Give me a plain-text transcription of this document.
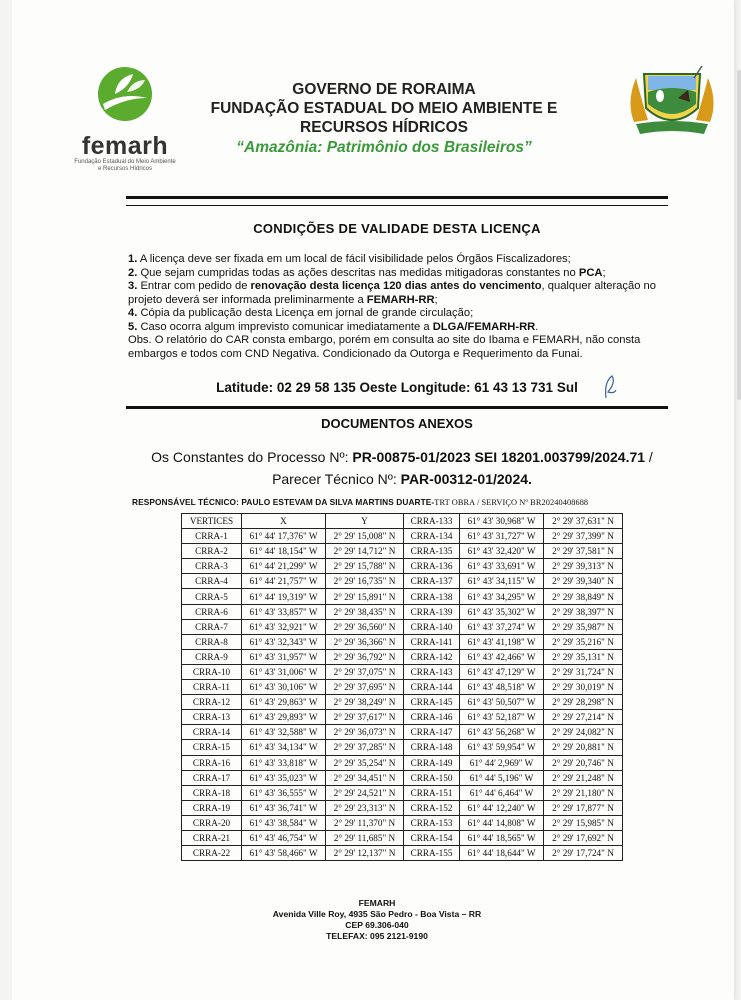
femarh
Fundação Estadual do Meio Ambiente
e Recursos Hídricos
GOVERNO DE RORAIMA
FUNDAÇÃO ESTADUAL DO MEIO AMBIENTE E
RECURSOS HÍDRICOS
“Amazônia: Patrimônio dos Brasileiros”
CONDIÇÕES DE VALIDADE DESTA LICENÇA

1. A licença deve ser fixada em um local de fácil visibilidade pelos Órgãos Fiscalizadores;

2. Que sejam cumpridas todas as ações descritas nas medidas mitigadoras constantes no PCA;

3. Entrar com pedido de renovação desta licença 120 dias antes do vencimento, qualquer alteração no projeto deverá ser informada preliminarmente a FEMARH-RR;

4. Cópia da publicação desta Licença em jornal de grande circulação;

5. Caso ocorra algum imprevisto comunicar imediatamente a DLGA/FEMARH-RR.

Obs. O relatório do CAR consta embargo, porém em consulta ao site do Ibama e FEMARH, não consta embargos e todos com CND Negativa. Condicionado da Outorga e Requerimento da Funai.

Latitude: 02 29 58 135 Oeste Longitude: 61 43 13 731 Sul
DOCUMENTOS ANEXOS
Os Constantes do Processo Nº: PR-00875-01/2023 SEI 18201.003799/2024.71 /
Parecer Técnico Nº: PAR-00312-01/2024.
RESPONSÁVEL TÉCNICO: PAULO ESTEVAM DA SILVA MARTINS DUARTE-TRT OBRA / SERVIÇO Nº BR20240408688
VERTICES	X	Y	CRRA-133	61° 43' 30,968" W	2° 29' 37,631" N
CRRA-1	61° 44' 17,376" W	2° 29' 15,008" N	CRRA-134	61° 43' 31,727" W	2° 29' 37,399" N
CRRA-2	61° 44' 18,154" W	2° 29' 14,712" N	CRRA-135	61° 43' 32,420" W	2° 29' 37,581" N
CRRA-3	61° 44' 21,299" W	2° 29' 15,788" N	CRRA-136	61° 43' 33,691" W	2° 29' 39,313" N
CRRA-4	61° 44' 21,757" W	2° 29' 16,735" N	CRRA-137	61° 43' 34,115" W	2° 29' 39,340" N
CRRA-5	61° 44' 19,319" W	2° 29' 15,891" N	CRRA-138	61° 43' 34,295" W	2° 29' 38,849" N
CRRA-6	61° 43' 33,857" W	2° 29' 38,435" N	CRRA-139	61° 43' 35,302" W	2° 29' 38,397" N
CRRA-7	61° 43' 32,921" W	2° 29' 36,560" N	CRRA-140	61° 43' 37,274" W	2° 29' 35,987" N
CRRA-8	61° 43' 32,343" W	2° 29' 36,366" N	CRRA-141	61° 43' 41,198" W	2° 29' 35,216" N
CRRA-9	61° 43' 31,957" W	2° 29' 36,792" N	CRRA-142	61° 43' 42,466" W	2° 29' 35,131" N
CRRA-10	61° 43' 31,006" W	2° 29' 37,075" N	CRRA-143	61° 43' 47,129" W	2° 29' 31,724" N
CRRA-11	61° 43' 30,106" W	2° 29' 37,695" N	CRRA-144	61° 43' 48,518" W	2° 29' 30,019" N
CRRA-12	61° 43' 29,863" W	2° 29' 38,249" N	CRRA-145	61° 43' 50,507" W	2° 29' 28,298" N
CRRA-13	61° 43' 29,893" W	2° 29' 37,617" N	CRRA-146	61° 43' 52,187" W	2° 29' 27,214" N
CRRA-14	61° 43' 32,588" W	2° 29' 36,073" N	CRRA-147	61° 43' 56,268" W	2° 29' 24,082" N
CRRA-15	61° 43' 34,134" W	2° 29' 37,285" N	CRRA-148	61° 43' 59,954" W	2° 29' 20,881" N
CRRA-16	61° 43' 33,818" W	2° 29' 35,254" N	CRRA-149	61° 44' 2,969" W	2° 29' 20,746" N
CRRA-17	61° 43' 35,023" W	2° 29' 34,451" N	CRRA-150	61° 44' 5,196" W	2° 29' 21,248" N
CRRA-18	61° 43' 36,555" W	2° 29' 24,521" N	CRRA-151	61° 44' 6,464" W	2° 29' 21,180" N
CRRA-19	61° 43' 36,741" W	2° 29' 23,313" N	CRRA-152	61° 44' 12,240" W	2° 29' 17,877" N
CRRA-20	61° 43' 38,584" W	2° 29' 11,370" N	CRRA-153	61° 44' 14,808" W	2° 29' 15,985" N
CRRA-21	61° 43' 46,754" W	2° 29' 11,685" N	CRRA-154	61° 44' 18,565" W	2° 29' 17,692" N
CRRA-22	61° 43' 58,466" W	2° 29' 12,137" N	CRRA-155	61° 44' 18,644" W	2° 29' 17,724" N
FEMARH
Avenida Ville Roy, 4935 São Pedro - Boa Vista – RR
CEP 69.306-040
TELEFAX: 095 2121-9190
